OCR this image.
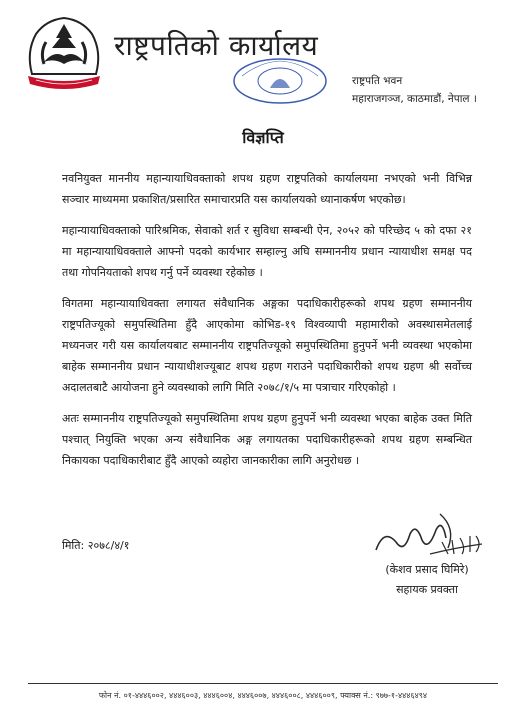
राष्ट्रपतिको कार्यालय
राष्ट्रपति भवन
महाराजगञ्ज, काठमाडौं, नेपाल ।
विज्ञप्ति

नवनियुक्त माननीय महान्यायाधिवक्ताको शपथ ग्रहण राष्ट्रपतिको कार्यालयमा नभएको भनी विभिन्न सञ्चार माध्यममा प्रकाशित/प्रसारित समाचारप्रति यस कार्यालयको ध्यानाकर्षण भएकोछ।

महान्यायाधिवक्ताको पारिश्रमिक, सेवाको शर्त र सुविधा सम्बन्धी ऐन, २०५२ को परिच्छेद ५ को दफा २१ मा महान्यायाधिवक्ताले आफ्नो पदको कार्यभार सम्हाल्नु अघि सम्माननीय प्रधान न्यायाधीश समक्ष पद तथा गोपनियताको शपथ गर्नु पर्ने व्यवस्था रहेकोछ ।

विगतमा महान्यायाधिवक्ता लगायत संवैधानिक अङ्गका पदाधिकारीहरूको शपथ ग्रहण सम्माननीय राष्ट्रपतिज्यूको समुपस्थितिमा हुँदै आएकोमा कोभिड-१९ विश्वव्यापी महामारीको अवस्थासमेतलाई मध्यनजर गरी यस कार्यालयबाट सम्माननीय राष्ट्रपतिज्यूको समुपस्थितिमा हुनुपर्ने भनी व्यवस्था भएकोमा बाहेक सम्माननीय प्रधान न्यायाधीशज्यूबाट शपथ ग्रहण गराउने पदाधिकारीको शपथ ग्रहण श्री सर्वोच्च अदालतबाटै आयोजना हुने व्यवस्थाको लागि मिति २०७८/१/५ मा पत्राचार गरिएकोहो ।

अतः सम्माननीय राष्ट्रपतिज्यूको समुपस्थितिमा शपथ ग्रहण हुनुपर्ने भनी व्यवस्था भएका बाहेक उक्त मिति पश्चात् नियुक्ति भएका अन्य संवैधानिक अङ्ग लगायतका पदाधिकारीहरूको शपथ ग्रहण सम्बन्धित निकायका पदाधिकारीबाट हुँदै आएको व्यहोरा जानकारीका लागि अनुरोधछ ।

मिति: २०७८/४/१
(केशव प्रसाद घिमिरे)
सहायक प्रवक्ता
फोन नं. ०१-४४४६००२, ४४४६००३, ४४४६००४, ४४४६००७, ४४४६००८, ४४४६००९, फ्याक्स नं.: ९७७-१-४४४६४९४
